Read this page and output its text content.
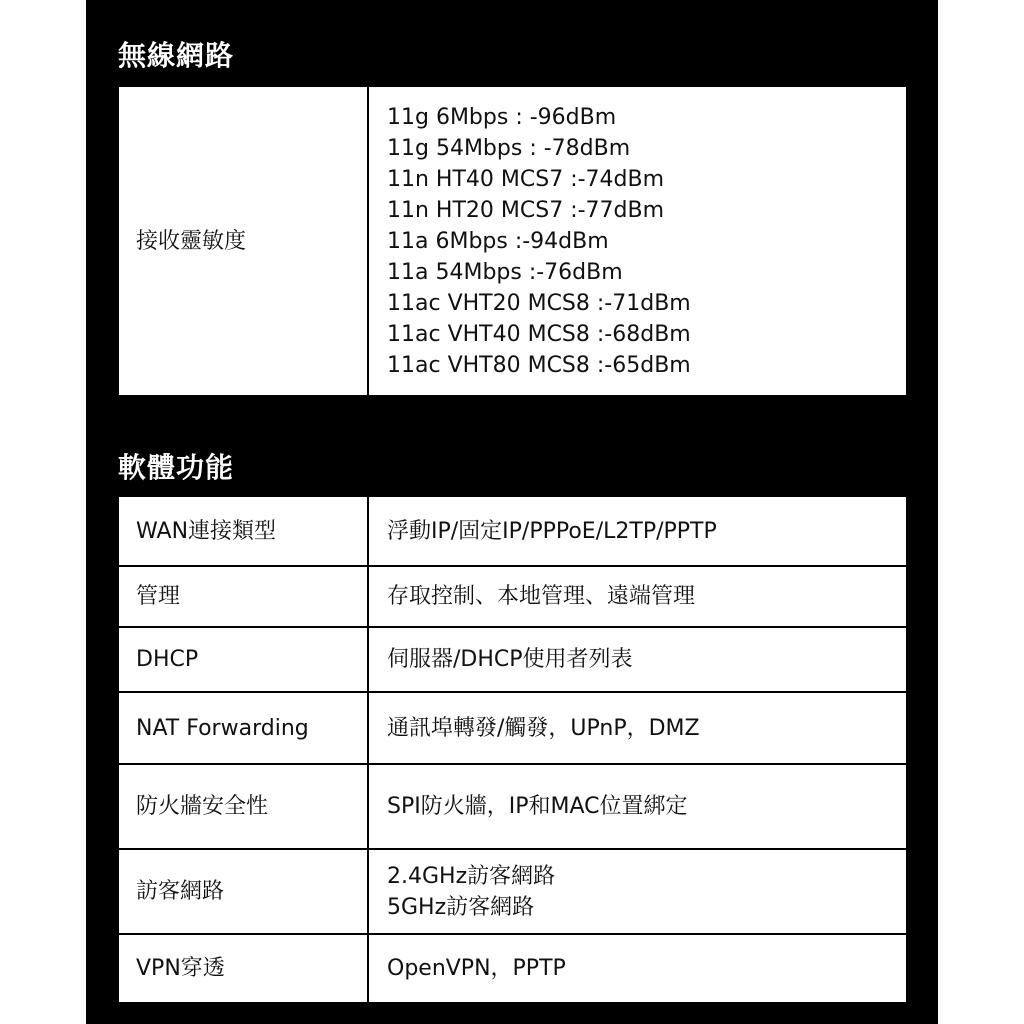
無線網路
接收靈敏度	
11g 6Mbps : -96dBm
11g 54Mbps : -78dBm
11n HT40 MCS7 :-74dBm
11n HT20 MCS7 :-77dBm
11a 6Mbps :-94dBm
11a 54Mbps :-76dBm
11ac VHT20 MCS8 :-71dBm
11ac VHT40 MCS8 :-68dBm
11ac VHT80 MCS8 :-65dBm
軟體功能
WAN連接類型	浮動IP/固定IP/PPPoE/L2TP/PPTP

管理	存取控制、本地管理、遠端管理

DHCP	伺服器/DHCP使用者列表

NAT Forwarding	通訊埠轉發/觸發，UPnP，DMZ

防火牆安全性	SPI防火牆，IP和MAC位置綁定

訪客網路	2.4GHz訪客網路
5GHz訪客網路

VPN穿透	OpenVPN，PPTP
